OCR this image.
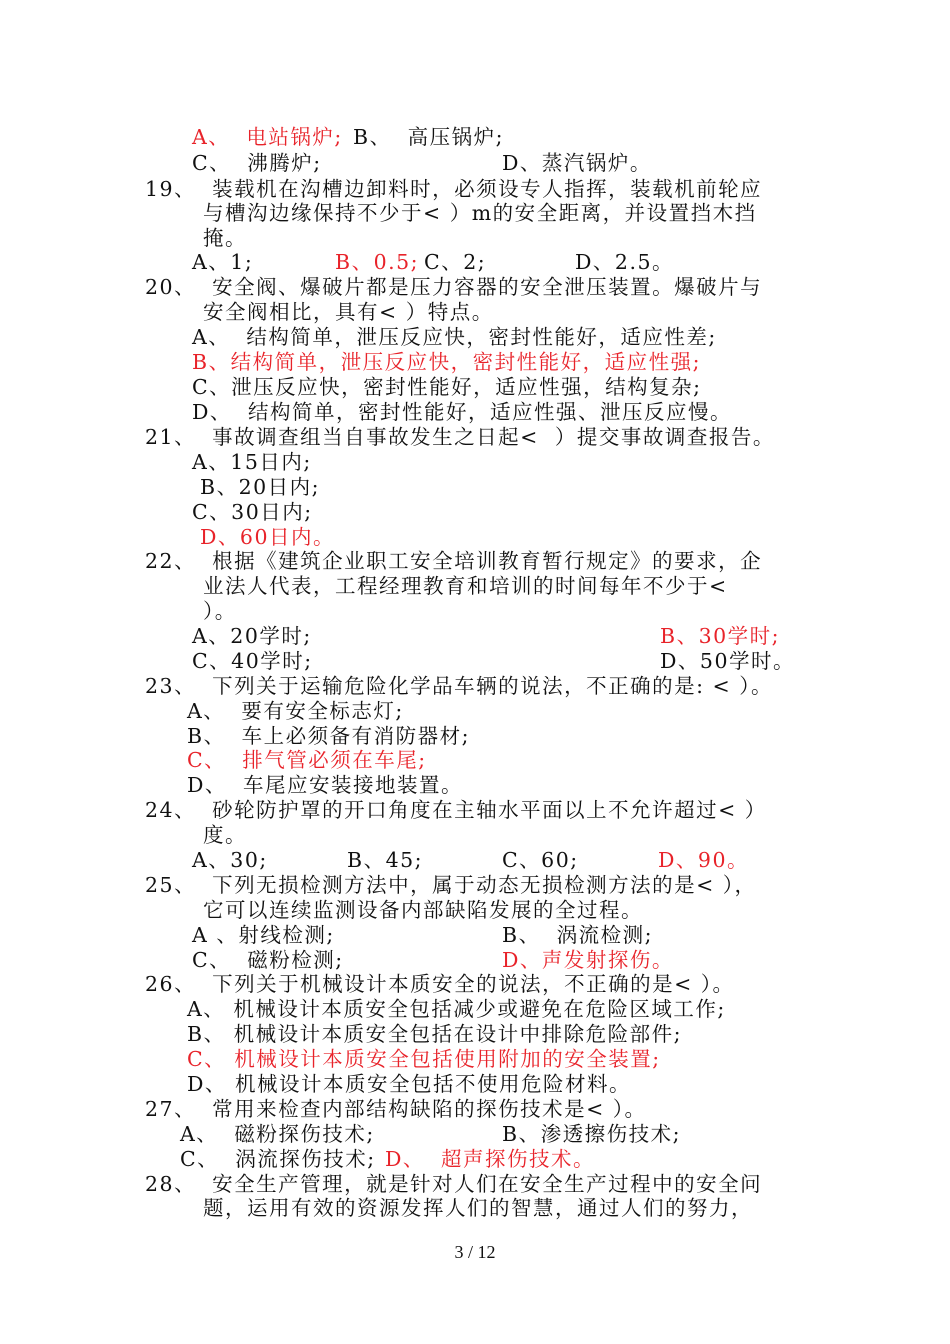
A、  电站锅炉; B、  高压锅炉;
C、  沸腾炉;	D、蒸汽锅炉。
19、  装载机在沟槽边卸料时，必须设专人指挥，装载机前轮应
与槽沟边缘保持不少于< ）m的安全距离，并设置挡木挡
掩。
A、1;	B、0.5;
C、2;	D、2.5。
20、  安全阀、爆破片都是压力容器的安全泄压装置。爆破片与
安全阀相比，具有< ）特点。
A、  结构简单，泄压反应快，密封性能好，适应性差;
B、结构简单，泄压反应快，密封性能好，适应性强;
C、泄压反应快，密封性能好，适应性强，结构复杂;
D、  结构简单，密封性能好，适应性强、泄压反应慢。
21、  事故调查组当自事故发生之日起<  ）提交事故调查报告。
A、15日内;
B、20日内;
C、30日内;
D、60日内。
22、  根据《建筑企业职工安全培训教育暂行规定》的要求，企
业法人代表，工程经理教育和培训的时间每年不少于<
）。
A、20学时;	B、30学时;
C、40学时;	D、50学时。
23、  下列关于运输危险化学品车辆的说法，不正确的是: < ）。
A、  要有安全标志灯;
B、  车上必须备有消防器材;
C、  排气管必须在车尾;
D、  车尾应安装接地装置。
24、  砂轮防护罩的开口角度在主轴水平面以上不允许超过< ）
度。
A、30;	B、45;	C、60;	D、90。
25、  下列无损检测方法中，属于动态无损检测方法的是< ），
它可以连续监测设备内部缺陷发展的全过程。
A 、射线检测;	B、  涡流检测;
C、  磁粉检测;	D、声发射探伤。
26、  下列关于机械设计本质安全的说法，不正确的是< ）。
A、 机械设计本质安全包括减少或避免在危险区域工作;
B、 机械设计本质安全包括在设计中排除危险部件;
C、 机械设计本质安全包括使用附加的安全装置;
D、 机械设计本质安全包括不使用危险材料。
27、  常用来检查内部结构缺陷的探伤技术是< ）。
A、  磁粉探伤技术;	B、渗透擦伤技术;
C、  涡流探伤技术; D、  超声探伤技术。
28、  安全生产管理，就是针对人们在安全生产过程中的安全问
题，运用有效的资源发挥人们的智慧，通过人们的努力，
3 / 12
